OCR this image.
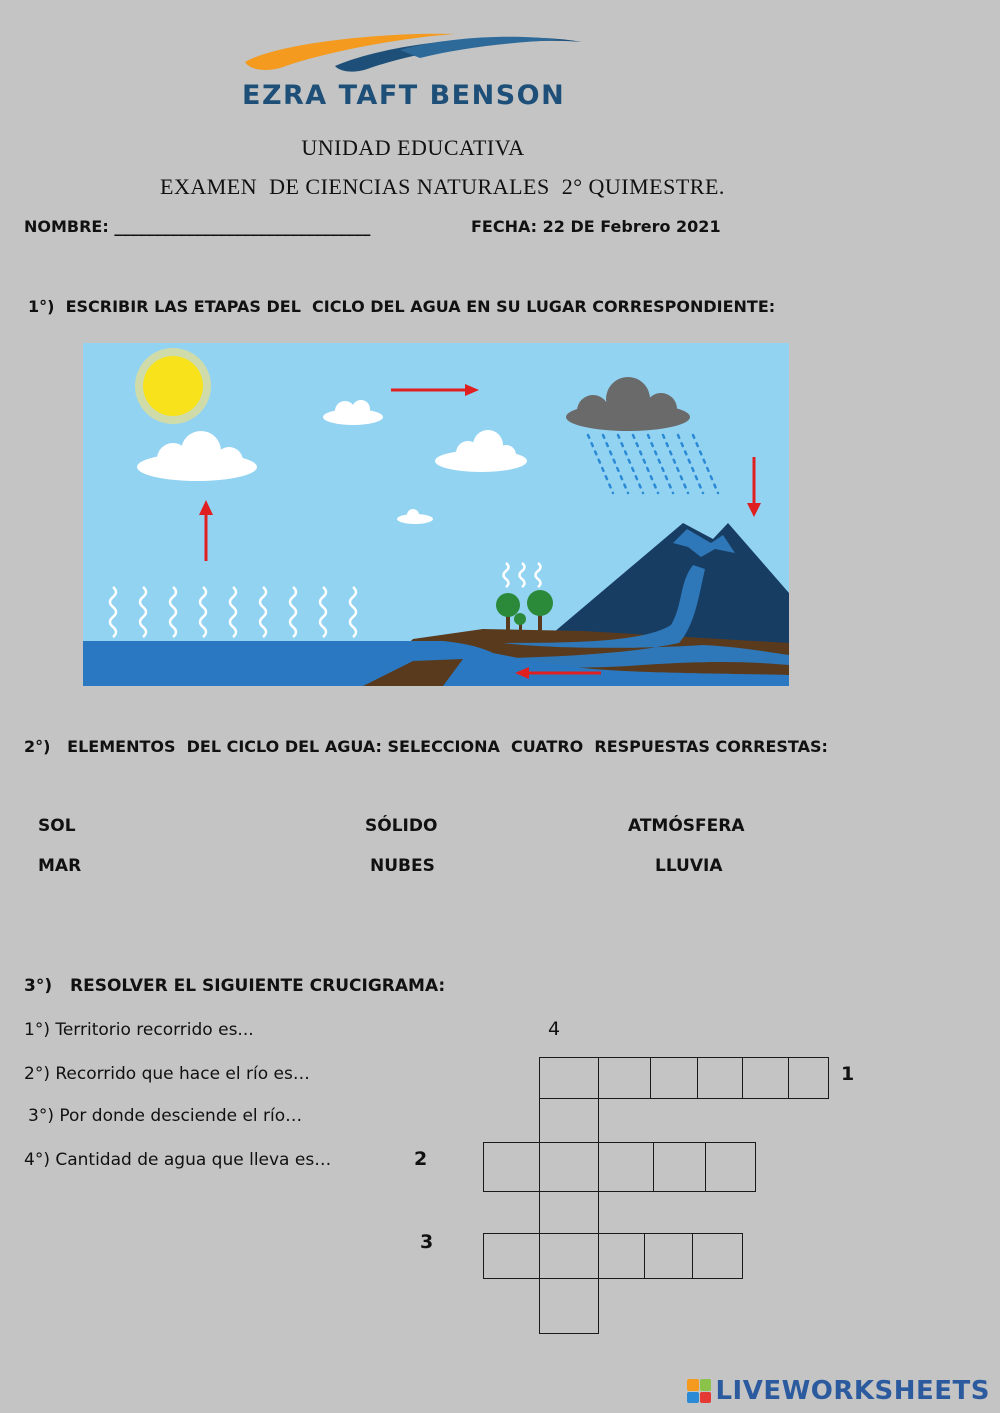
EZRA TAFT BENSON
UNIDAD EDUCATIVA
EXAMEN  DE CIENCIAS NATURALES  2° QUIMESTRE.
NOMBRE: ________________________________	FECHA: 22 DE Febrero 2021
1°)  ESCRIBIR LAS ETAPAS DEL  CICLO DEL AGUA EN SU LUGAR CORRESPONDIENTE:
2°)   ELEMENTOS  DEL CICLO DEL AGUA: SELECCIONA  CUATRO  RESPUESTAS CORRESTAS:
SOL	SÓLIDO	ATMÓSFERA
MAR	NUBES	LLUVIA
3°) RESOLVER EL SIGUIENTE CRUCIGRAMA:
1°) Territorio recorrido es...
2°) Recorrido que hace el río es…
3°) Por donde desciende el río…
4°) Cantidad de agua que lleva es…
4
1
2
3
LIVEWORKSHEETS
